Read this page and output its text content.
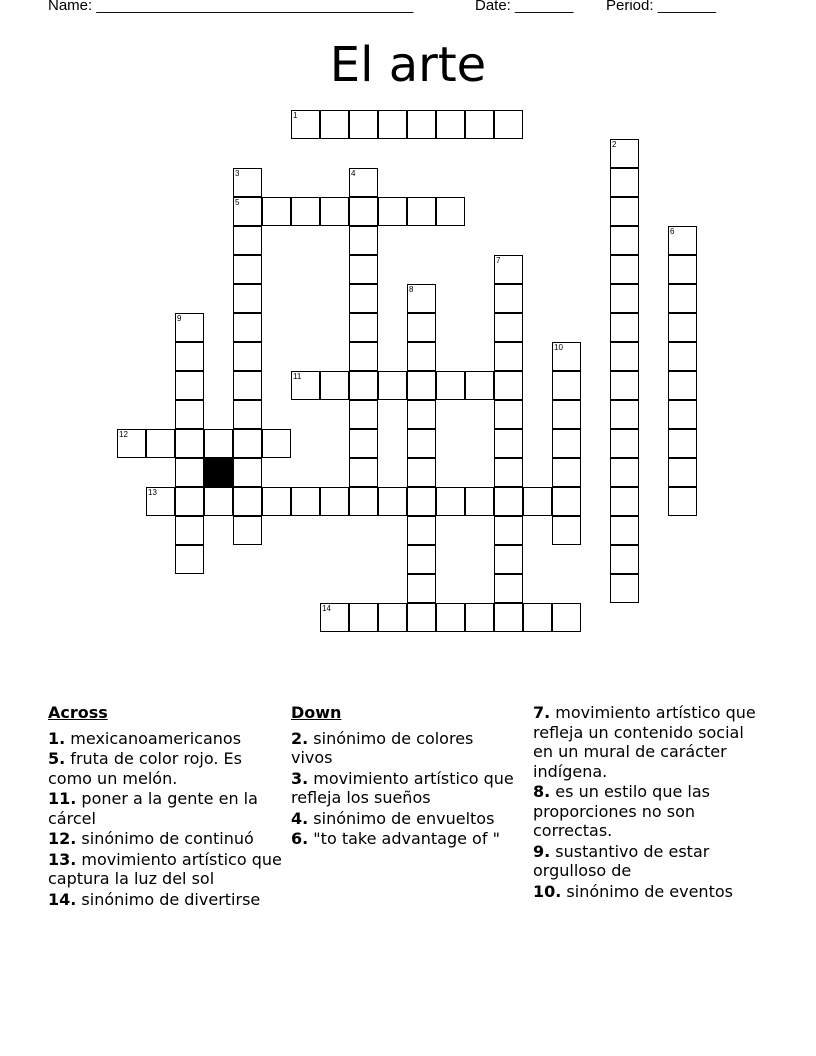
Name: ______________________________________

	Date: _______

Period: _______

El arte
1
2
3	4
5
6
7
8
9
10
11
12
13
14
Across
1. mexicanoamericanos
5. fruta de color rojo. Es como un melón.
11. poner a la gente en la cárcel
12. sinónimo de continuó
13. movimiento artístico que captura la luz del sol
14. sinónimo de divertirse
Down
2. sinónimo de colores vivos
3. movimiento artístico que refleja los sueños
4. sinónimo de envueltos
6. "to take advantage of "
7. movimiento artístico que refleja un contenido social en un mural de carácter indígena.
8. es un estilo que las proporciones no son correctas.
9. sustantivo de estar orgulloso de
10. sinónimo de eventos
